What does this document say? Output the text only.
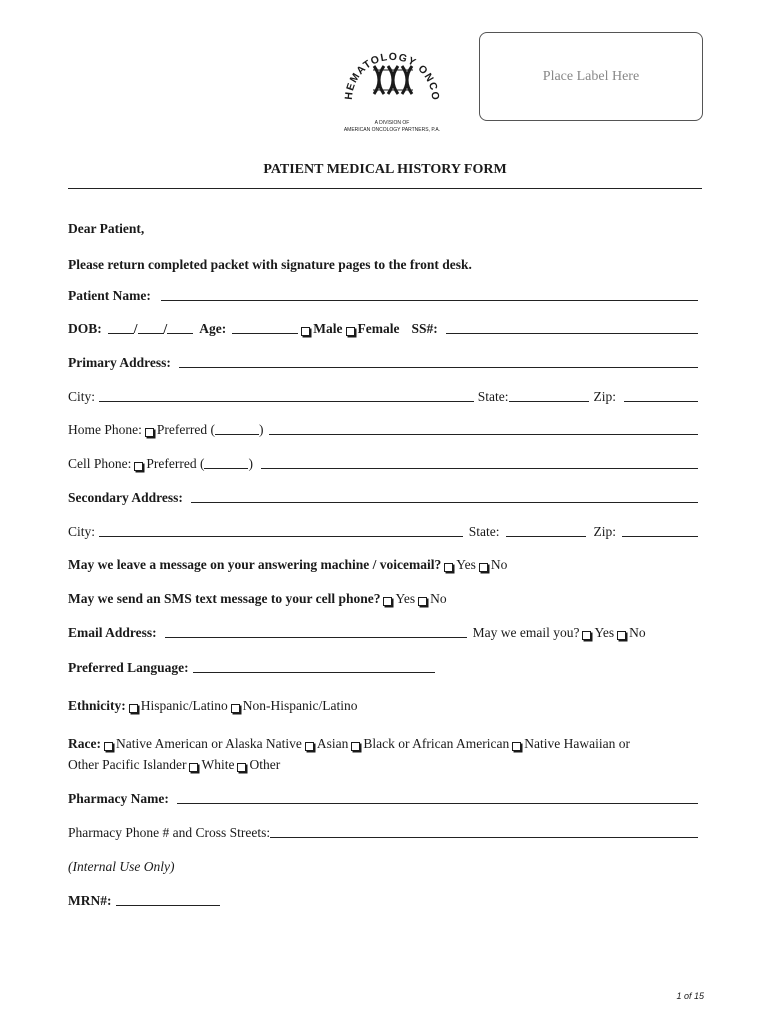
HEMATOLOGY ONCO
A DIVISION OF
AMERICAN ONCOLOGY PARTNERS, P.A.
Place Label Here
PATIENT MEDICAL HISTORY FORM
Dear Patient,
Please return completed packet with signature pages to the front desk.
Patient Name:
DOB: / / Age:	Male Female SS#:
Primary Address:
City:	State:	Zip:
Home Phone: Preferred (	)
Cell Phone: Preferred (	)
Secondary Address:
City:	State:	Zip:
May we leave a message on your answering machine / voicemail? Yes No
May we send an SMS text message to your cell phone? Yes No
Email Address:	May we email you? Yes No
Preferred Language:
Ethnicity: Hispanic/Latino Non-Hispanic/Latino
Race: Native American or Alaska Native Asian Black or African American Native Hawaiian or
Other Pacific Islander White Other
Pharmacy Name:
Pharmacy Phone # and Cross Streets:
(Internal Use Only)
MRN#:
1 of 15
